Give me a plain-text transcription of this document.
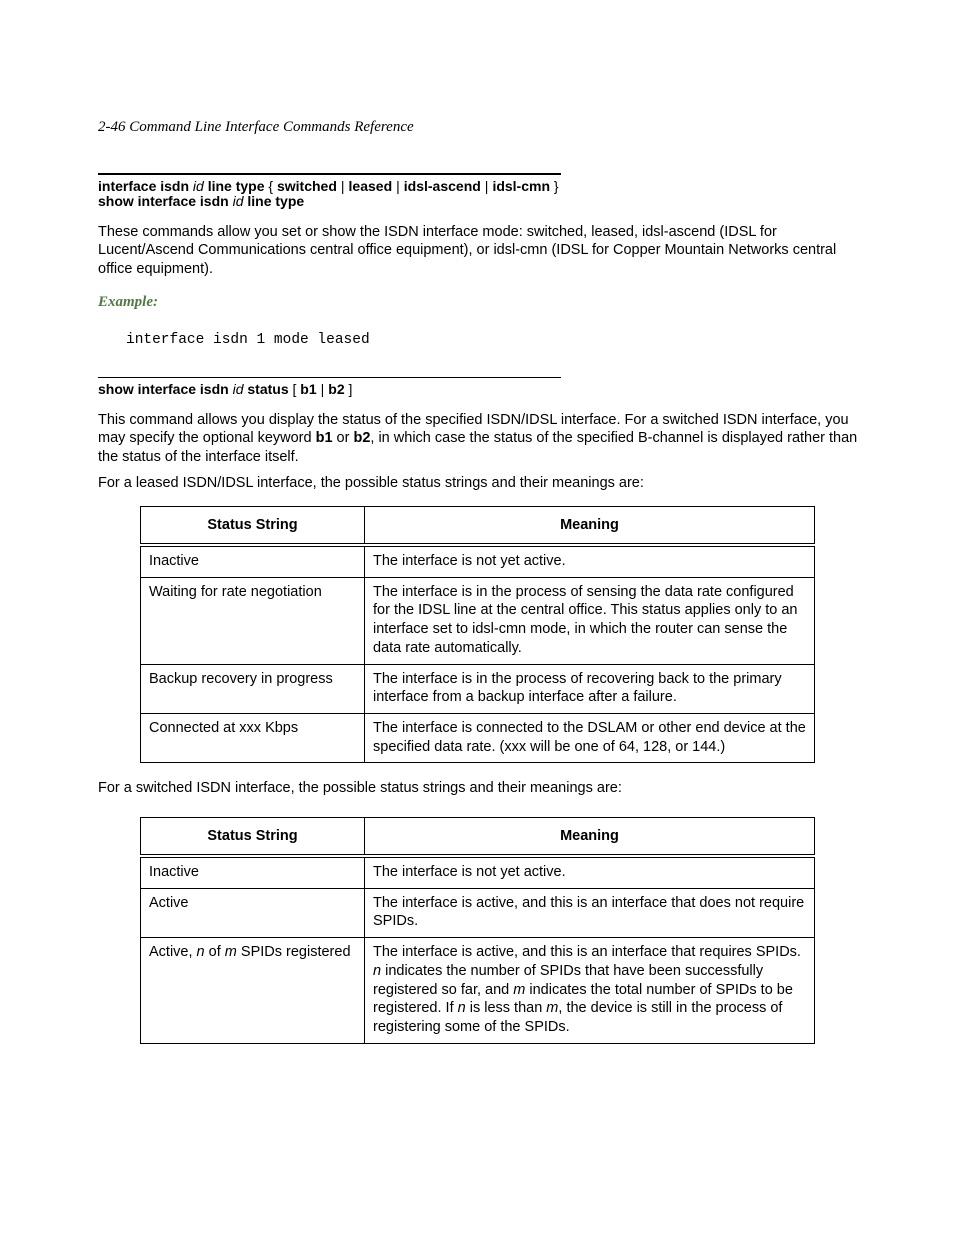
2-46 Command Line Interface Commands Reference
interface isdn id line type { switched | leased | idsl-ascend | idsl-cmn }
show interface isdn id line type
These commands allow you set or show the ISDN interface mode: switched, leased, idsl-ascend (IDSL for Lucent/Ascend Communications central office equipment), or idsl-cmn (IDSL for Copper Mountain Networks central office equipment).
Example:
interface isdn 1 mode leased
show interface isdn id status [ b1 | b2 ]
This command allows you display the status of the specified ISDN/IDSL interface. For a switched ISDN interface, you may specify the optional keyword b1 or b2, in which case the status of the specified B-channel is displayed rather than the status of the interface itself.
For a leased ISDN/IDSL interface, the possible status strings and their meanings are:
Status String	Meaning
Inactive	The interface is not yet active.
Waiting for rate negotiation	The interface is in the process of sensing the data rate configured for the IDSL line at the central office. This status applies only to an interface set to idsl-cmn mode, in which the router can sense the data rate automatically.
Backup recovery in progress	The interface is in the process of recovering back to the primary interface from a backup interface after a failure.
Connected at xxx Kbps	The interface is connected to the DSLAM or other end device at the specified data rate. (xxx will be one of 64, 128, or 144.)
For a switched ISDN interface, the possible status strings and their meanings are:
Status String	Meaning
Inactive	The interface is not yet active.
Active	The interface is active, and this is an interface that does not require SPIDs.
Active, n of m SPIDs registered	The interface is active, and this is an interface that requires SPIDs. n indicates the number of SPIDs that have been successfully registered so far, and m indicates the total number of SPIDs to be registered. If n is less than m, the device is still in the process of registering some of the SPIDs.
